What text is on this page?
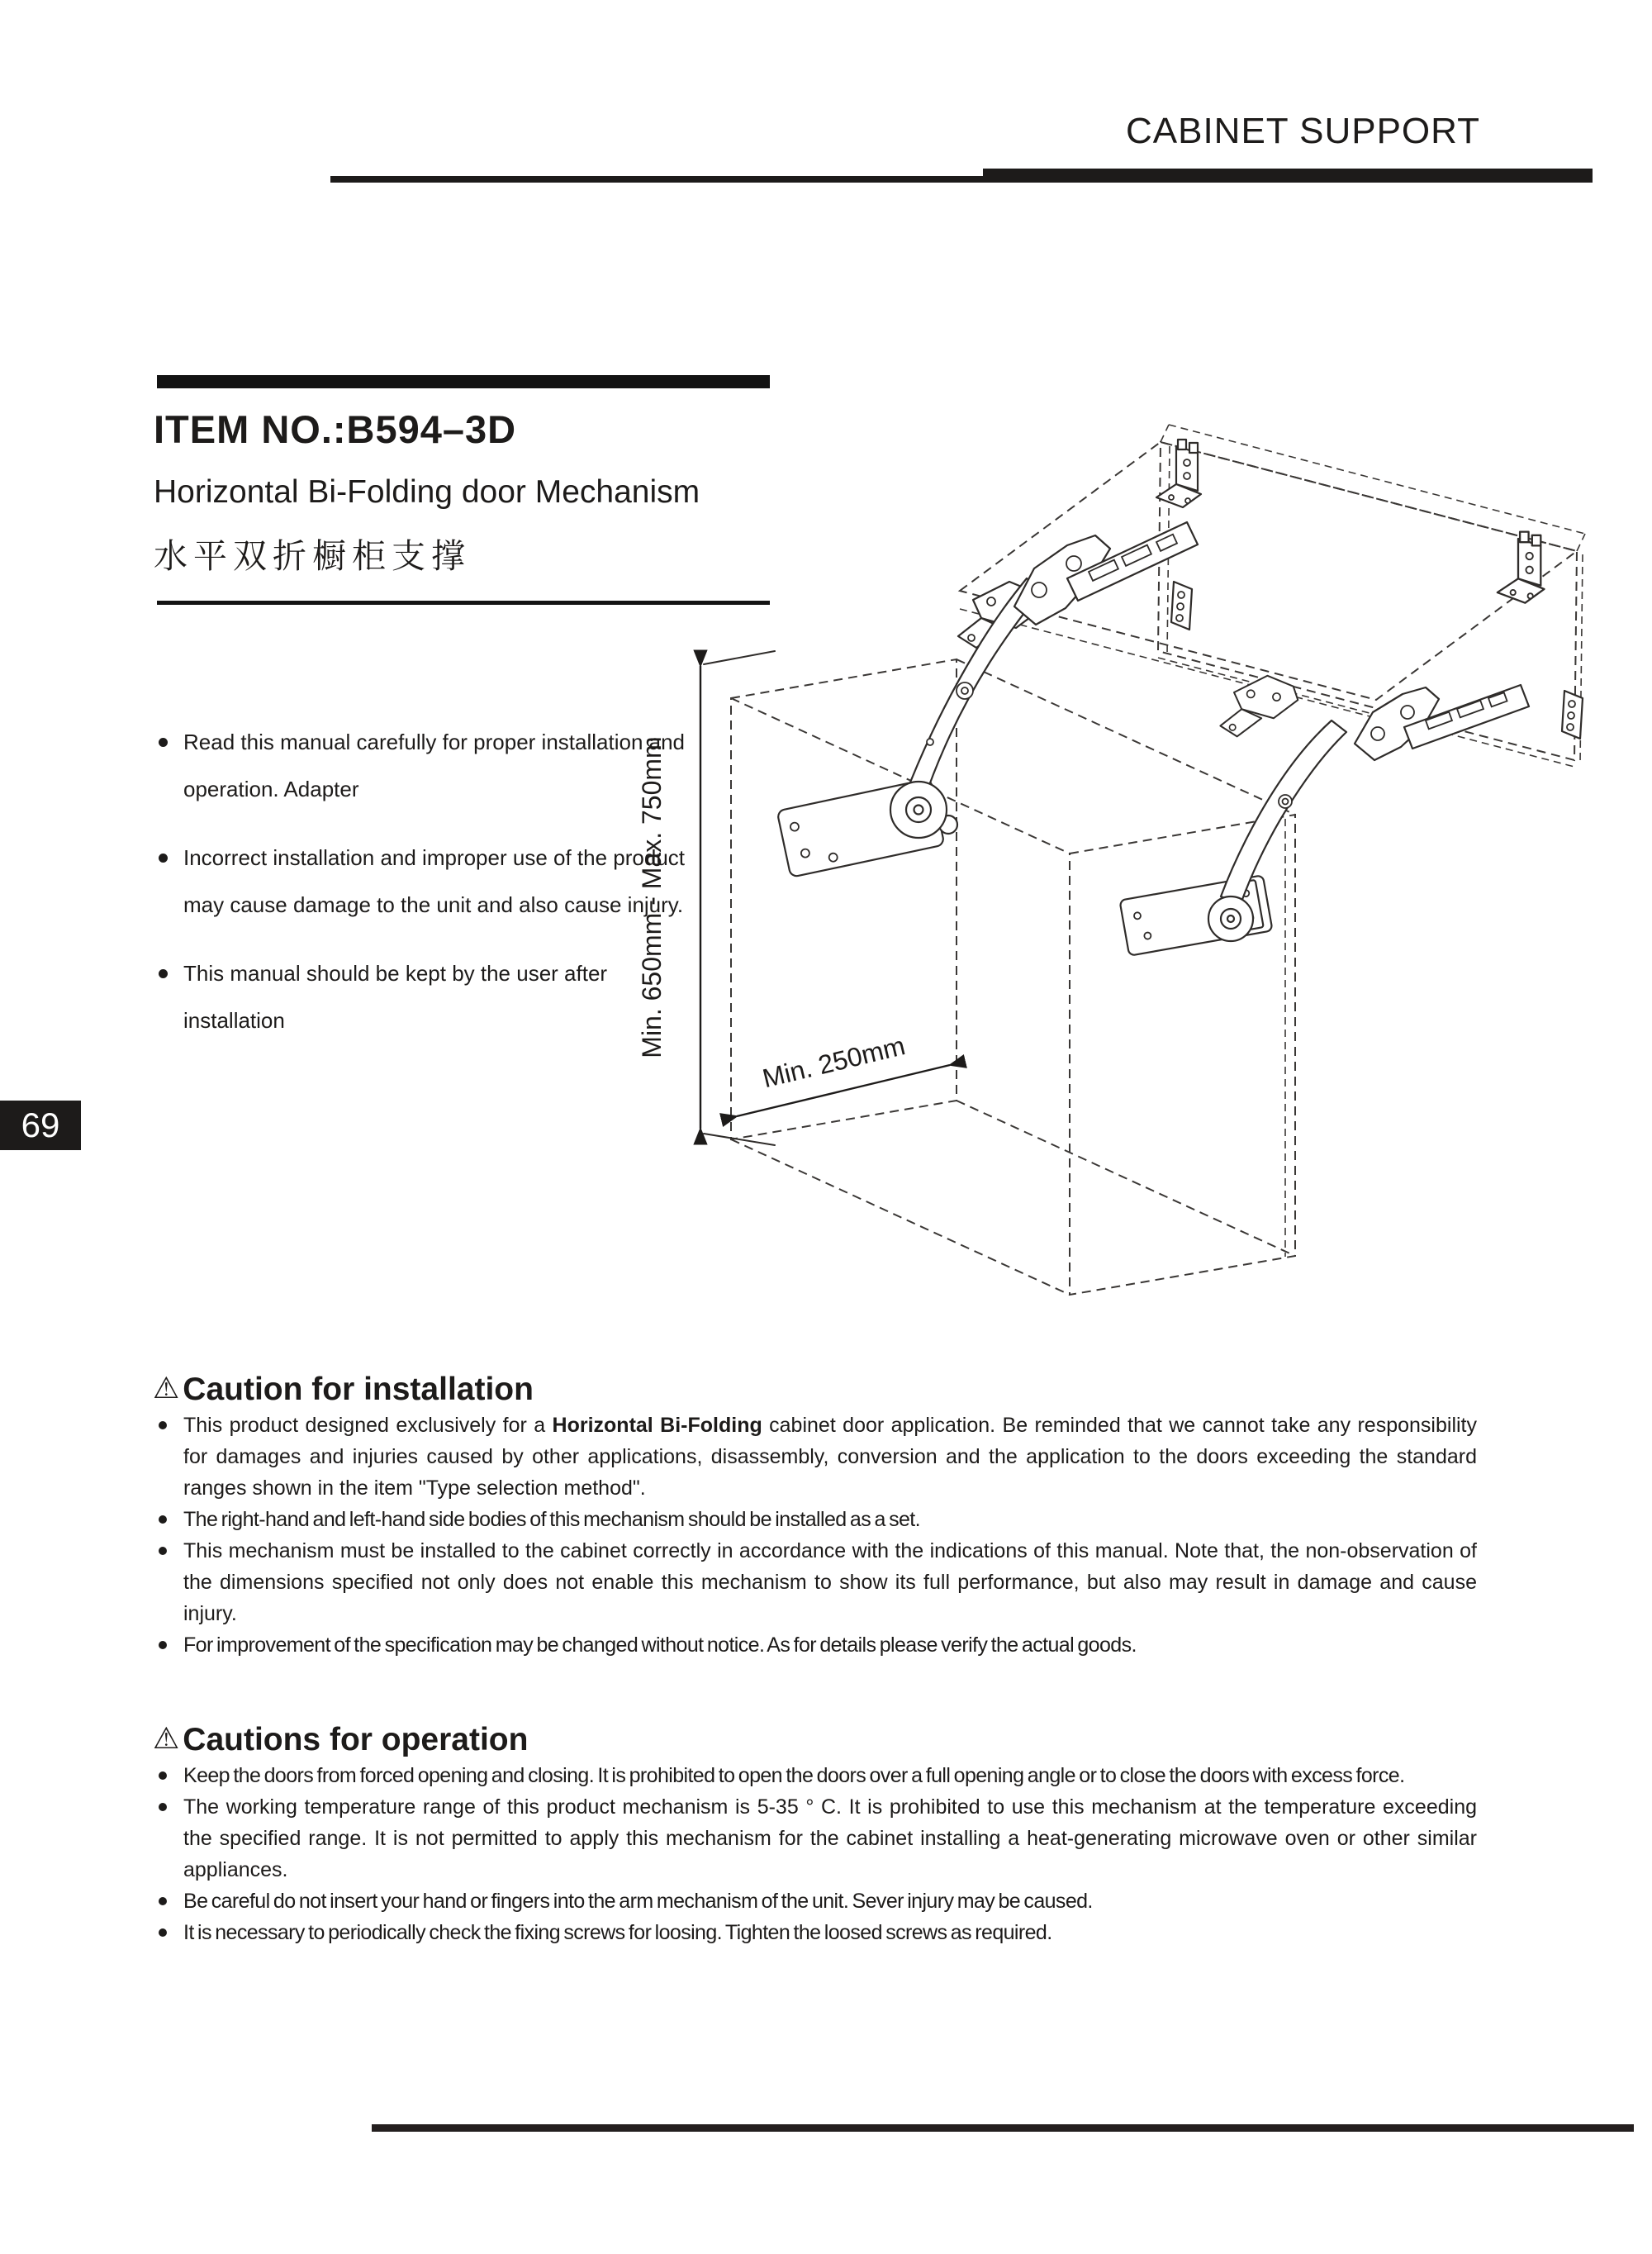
CABINET SUPPORT
ITEM NO.:B594–3D
Horizontal Bi-Folding door Mechanism
水平双折橱柜支撑
Read this manual carefully for proper installation and operation. Adapter
Incorrect installation and improper use of the product may cause damage to the unit and also cause injury.
This manual should be kept by the user after installation
69
Min. 650mm - Max. 750mm
Min. 250mm
⚠ Caution for installation
This product designed exclusively for a Horizontal Bi-Folding cabinet door application. Be reminded that we cannot take any responsibility for damages and injuries caused by other applications, disassembly, conversion and the application to the doors exceeding the standard ranges shown in the item "Type selection method".
The right-hand and left-hand side bodies of this mechanism should be installed as a set.
This mechanism must be installed to the cabinet correctly in accordance with the indications of this manual. Note that, the non-observation of the dimensions specified not only does not enable this mechanism to show its full performance, but also may result in damage and cause injury.
For improvement of the specification may be changed without notice. As for details please verify the actual goods.
⚠ Cautions for operation
Keep the doors from forced opening and closing. It is prohibited to open the doors over a full opening angle or to close the doors with excess force.
The working temperature range of this product mechanism is 5-35 ° C. It is prohibited to use this mechanism at the temperature exceeding the specified range. It is not permitted to apply this mechanism for the cabinet installing a heat-generating microwave oven or other similar appliances.
Be careful do not insert your hand or fingers into the arm mechanism of the unit. Sever injury may be caused.
It is necessary to periodically check the fixing screws for loosing. Tighten the loosed screws as required.
